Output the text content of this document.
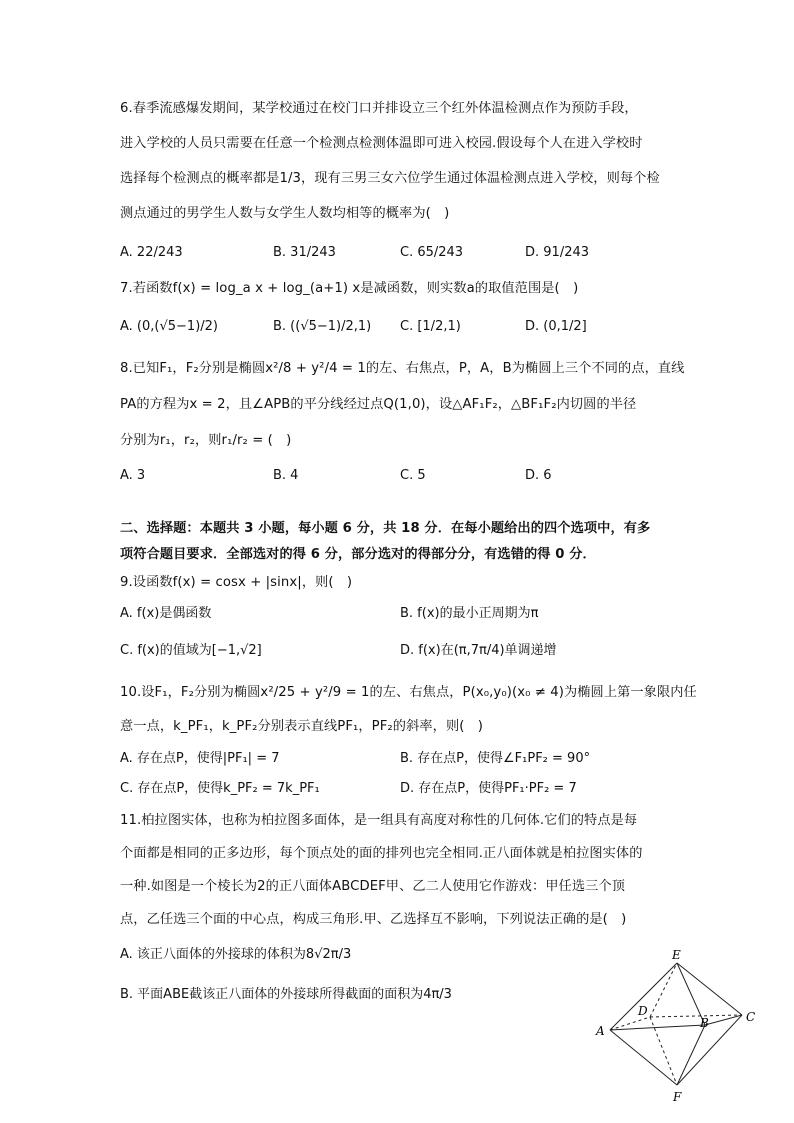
6.春季流感爆发期间，某学校通过在校门口并排设立三个红外体温检测点作为预防手段，
进入学校的人员只需要在任意一个检测点检测体温即可进入校园.假设每个人在进入学校时
选择每个检测点的概率都是1/3，现有三男三女六位学生通过体温检测点进入学校，则每个检
测点通过的男学生人数与女学生人数均相等的概率为(　)
A. 22/243	B. 31/243	C. 65/243	D. 91/243
7.若函数f(x) = log_a x + log_(a+1) x是减函数，则实数a的取值范围是(　)
A. (0,(√5−1)/2)	B. ((√5−1)/2,1) C. [1/2,1)	D. (0,1/2]
8.已知F₁，F₂分别是椭圆x²/8 + y²/4 = 1的左、右焦点，P，A，B为椭圆上三个不同的点，直线
PA的方程为x = 2，且∠APB的平分线经过点Q(1,0)，设△AF₁F₂，△BF₁F₂内切圆的半径
分别为r₁，r₂，则r₁/r₂ = (　)
A. 3	B. 4	C. 5	D. 6
二、选择题：本题共 3 小题，每小题 6 分，共 18 分．在每小题给出的四个选项中，有多
项符合题目要求．全部选对的得 6 分，部分选对的得部分分，有选错的得 0 分．
9.设函数f(x) = cosx + |sinx|，则(　)
A. f(x)是偶函数	B. f(x)的最小正周期为π
C. f(x)的值域为[−1,√2]	D. f(x)在(π,7π/4)单调递增
10.设F₁，F₂分别为椭圆x²/25 + y²/9 = 1的左、右焦点，P(x₀,y₀)(x₀ ≠ 4)为椭圆上第一象限内任
意一点，k_PF₁，k_PF₂分别表示直线PF₁，PF₂的斜率，则(　)
A. 存在点P，使得|PF₁| = 7	B. 存在点P，使得∠F₁PF₂ = 90°
C. 存在点P，使得k_PF₂ = 7k_PF₁	D. 存在点P，使得PF₁·PF₂ = 7
11.柏拉图实体，也称为柏拉图多面体，是一组具有高度对称性的几何体.它们的特点是每
个面都是相同的正多边形，每个顶点处的面的排列也完全相同.正八面体就是柏拉图实体的
一种.如图是一个棱长为2的正八面体ABCDEF甲、乙二人使用它作游戏：甲任选三个顶
点，乙任选三个面的中心点，构成三角形.甲、乙选择互不影响，下列说法正确的是(　)
A. 该正八面体的外接球的体积为8√2π/3
B. 平面ABE截该正八面体的外接球所得截面的面积为4π/3
E
D
B	C
A
F
